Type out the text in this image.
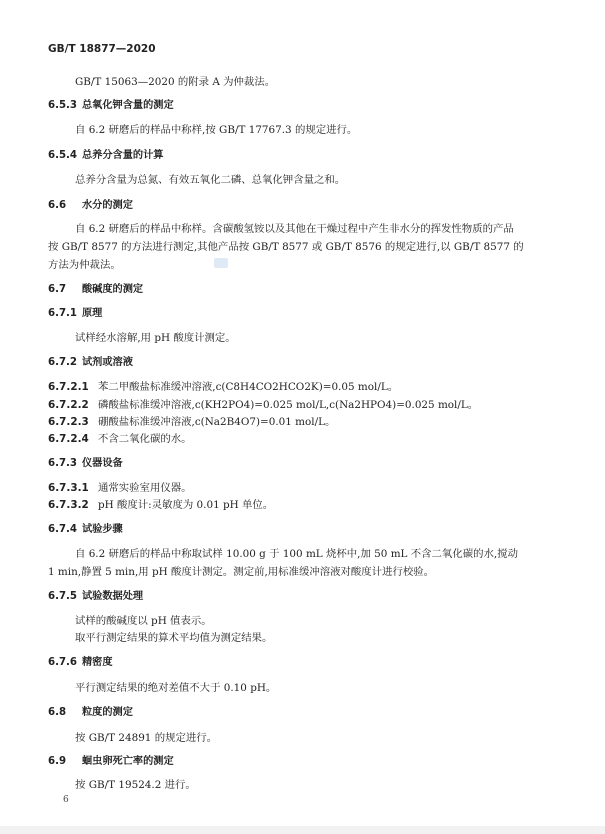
GB/T 18877—2020
GB/T 15063—2020 的附录 A 为仲裁法。
6.5.3 总氧化钾含量的测定
自 6.2 研磨后的样品中称样,按 GB/T 17767.3 的规定进行。
6.5.4 总养分含量的计算
总养分含量为总氮、有效五氧化二磷、总氧化钾含量之和。
6.6 水分的测定
自 6.2 研磨后的样品中称样。含碳酸氢铵以及其他在干燥过程中产生非水分的挥发性物质的产品
按 GB/T 8577 的方法进行测定,其他产品按 GB/T 8577 或 GB/T 8576 的规定进行,以 GB/T 8577 的
方法为仲裁法。
6.7 酸碱度的测定
6.7.1 原理
试样经水溶解,用 pH 酸度计测定。
6.7.2 试剂或溶液
6.7.2.1 苯二甲酸盐标准缓冲溶液,c(C8H4CO2HCO2K)=0.05 mol/L。
6.7.2.2 磷酸盐标准缓冲溶液,c(KH2PO4)=0.025 mol/L,c(Na2HPO4)=0.025 mol/L。
6.7.2.3 硼酸盐标准缓冲溶液,c(Na2B4O7)=0.01 mol/L。
6.7.2.4 不含二氧化碳的水。
6.7.3 仪器设备
6.7.3.1 通常实验室用仪器。
6.7.3.2 pH 酸度计:灵敏度为 0.01 pH 单位。
6.7.4 试验步骤
自 6.2 研磨后的样品中称取试样 10.00 g 于 100 mL 烧杯中,加 50 mL 不含二氧化碳的水,搅动
1 min,静置 5 min,用 pH 酸度计测定。测定前,用标准缓冲溶液对酸度计进行校验。
6.7.5 试验数据处理
试样的酸碱度以 pH 值表示。
取平行测定结果的算术平均值为测定结果。
6.7.6 精密度
平行测定结果的绝对差值不大于 0.10 pH。
6.8 粒度的测定
按 GB/T 24891 的规定进行。
6.9 蛔虫卵死亡率的测定
按 GB/T 19524.2 进行。
6
